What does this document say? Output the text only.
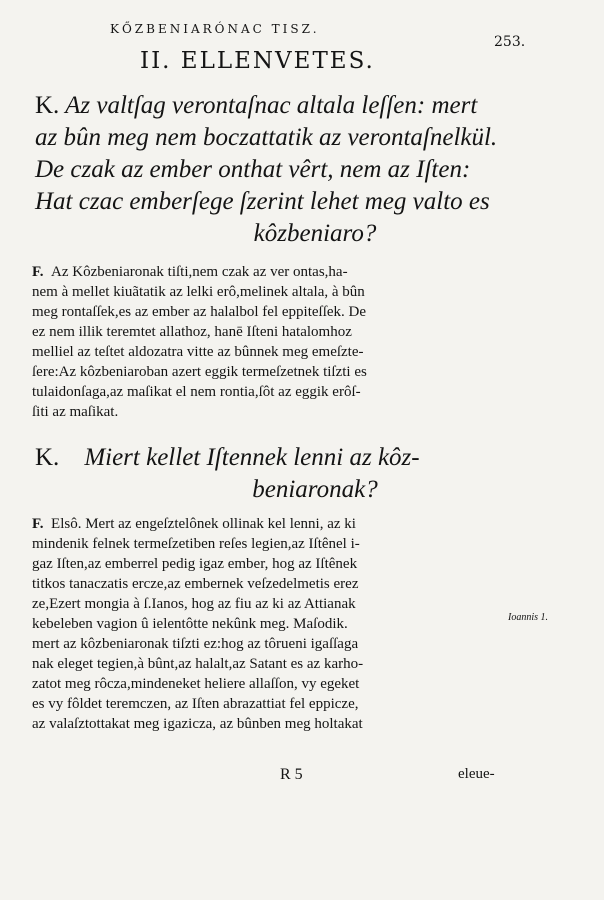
KŐZBENIARÓNAC TISZ.
253.
II. ELLENVETES.
K. Az valtſag verontaſnac altala leſſen: mert
az bûn meg nem boczattatik az verontaſnelkül.
De czak az ember onthat vêrt, nem az Iſten:
Hat czac emberſege ſzerint lehet meg valto es
kôzbeniaro?
F. Az Kôzbeniaronak tiſti,nem czak az ver ontas,ha-
nem à mellet kiuãtatik az lelki erô,melinek altala, à bûn
meg rontaſſek,es az ember az halalbol fel eppiteſſek. De
ez nem illik teremtet allathoz, hanē Iſteni hatalomhoz
melliel az teſtet aldozatra vitte az bûnnek meg emeſzte-
ſere:Az kôzbeniaroban azert eggik termeſzetnek tiſzti es
tulaidonſaga,az maſikat el nem rontia,ſôt az eggik erôſ-
ſiti az maſikat.
K. Miert kellet Iſtennek lenni az kôz-
beniaronak?
F. Elsô. Mert az engeſztelônek ollinak kel lenni, az ki
mindenik felnek termeſzetiben reſes legien,az Iſtênel i-
gaz Iſten,az emberrel pedig igaz ember, hog az Iſtênek
titkos tanaczatis ercze,az embernek veſzedelmetis erez
ze,Ezert mongia à ſ.Ianos, hog az fiu az ki az Attianak
kebeleben vagion û ielentôtte nekûnk meg. Maſodik.
mert az kôzbeniaronak tiſzti ez:hog az tôrueni igaſſaga
nak eleget tegien,à bûnt,az halalt,az Satant es az karho-
zatot meg rôcza,mindeneket heliere allaſſon, vy egeket
es vy fôldet teremczen, az Iſten abrazattiat fel eppicze,
az valaſztottakat meg igazicza, az bûnben meg holtakat
Ioannis 1.
R 5	eleue-
